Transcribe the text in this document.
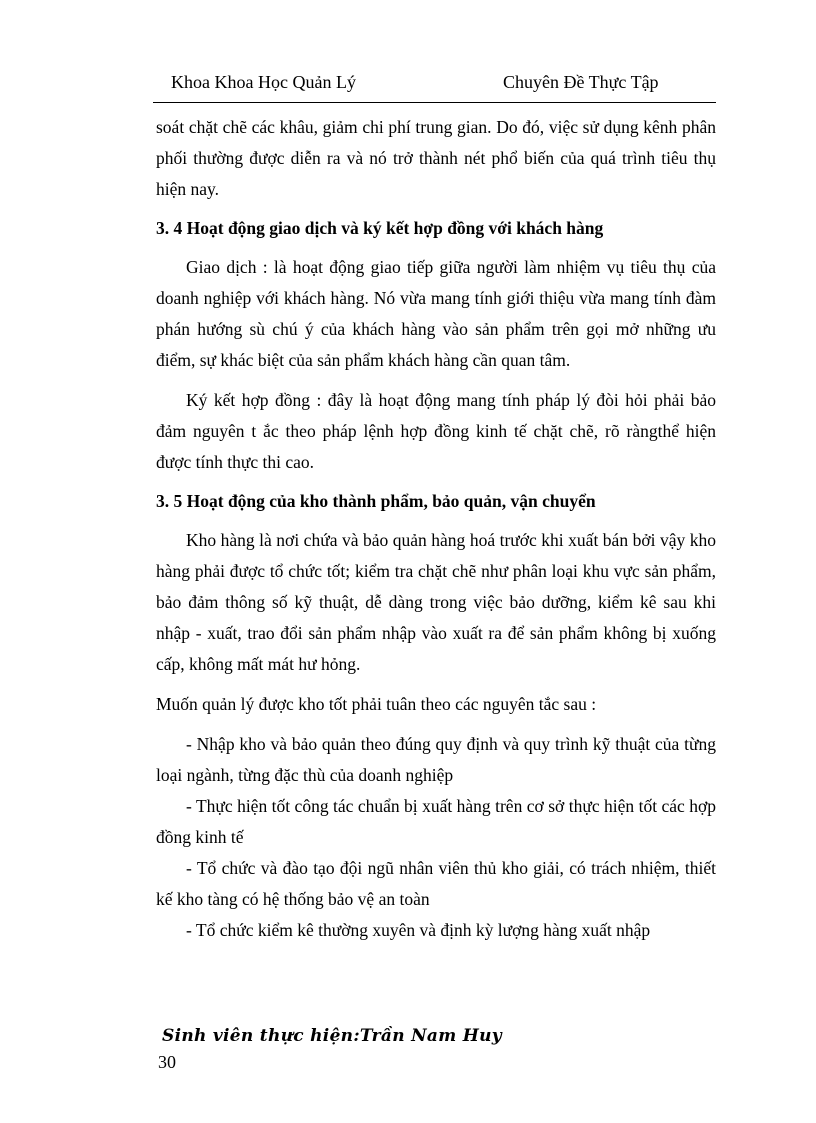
Khoa Khoa Học Quản Lý	Chuyên Đề Thực Tập

soát chặt chẽ các khâu, giảm chi phí trung gian. Do đó, việc sử dụng kênh phân phối thường được diễn ra và nó trở thành nét phổ biến của quá trình tiêu thụ hiện nay.

3. 4 Hoạt động giao dịch và ký kết hợp đồng với khách hàng

Giao dịch : là hoạt động giao tiếp giữa người làm nhiệm vụ tiêu thụ của doanh nghiệp với khách hàng. Nó vừa mang tính giới thiệu vừa mang tính đàm phán hướng sù chú ý của khách hàng vào sản phẩm trên gọi mở những ưu điểm, sự khác biệt của sản phẩm khách hàng cần quan tâm.

Ký kết hợp đồng : đây là hoạt động mang tính pháp lý đòi hỏi phải bảo đảm nguyên t ắc theo pháp lệnh hợp đồng kinh tế chặt chẽ, rõ ràngthể hiện được tính thực thi cao.

3. 5 Hoạt động của kho thành phẩm, bảo quản, vận chuyển

Kho hàng là nơi chứa và bảo quản hàng hoá trước khi xuất bán bởi vậy kho hàng phải được tổ chức tốt; kiểm tra chặt chẽ như phân loại khu vực sản phẩm, bảo đảm thông số kỹ thuật, dễ dàng trong việc bảo dưỡng, kiểm kê sau khi nhập - xuất, trao đổi sản phẩm nhập vào xuất ra để sản phẩm không bị xuống cấp, không mất mát hư hỏng.

Muốn quản lý được kho tốt phải tuân theo các nguyên tắc sau :

- Nhập kho và bảo quản theo đúng quy định và quy trình kỹ thuật của từng loại ngành, từng đặc thù của doanh nghiệp

- Thực hiện tốt công tác chuẩn bị xuất hàng trên cơ sở thực hiện tốt các hợp đồng kinh tế

- Tổ chức và đào tạo đội ngũ nhân viên thủ kho giải, có trách nhiệm, thiết kế kho tàng có hệ thống bảo vệ an toàn

- Tổ chức kiểm kê thường xuyên và định kỳ lượng hàng xuất nhập

Sinh viên thực hiện:Trần Nam Huy
30
